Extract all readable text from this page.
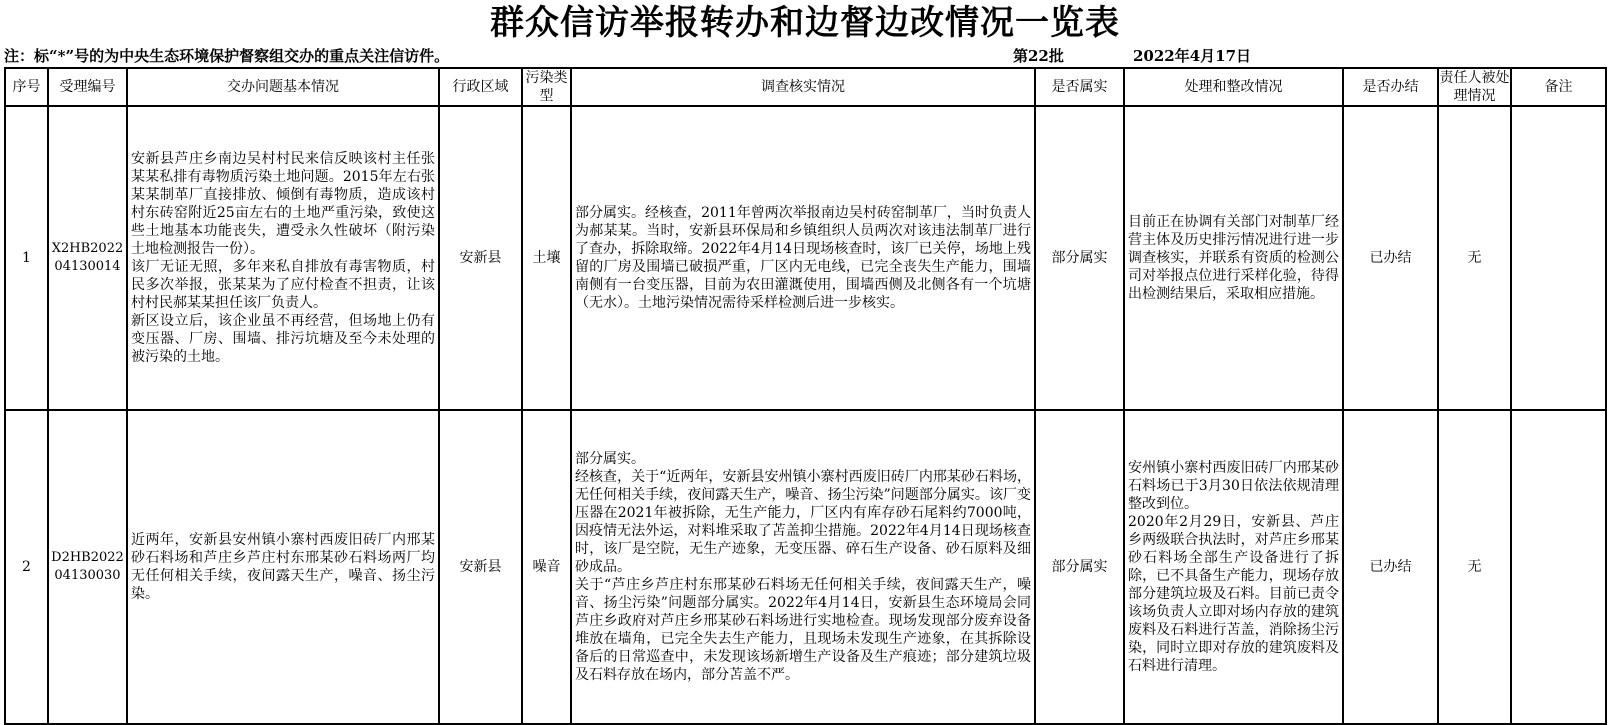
群众信访举报转办和边督边改情况一览表
注：标“*”号的为中央生态环境保护督察组交办的重点关注信访件。	第22批	2022年4月17日
序号	受理编号	交办问题基本情况	行政区域	污染类型	调查核实情况	是否属实	处理和整改情况	是否办结	责任人被处理情况	备注
1	X2HB202204130014	安新县芦庄乡南边吴村村民来信反映该村主任张某某私排有毒物质污染土地问题。2015年左右张某某制革厂直接排放、倾倒有毒物质，造成该村村东砖窑附近25亩左右的土地严重污染，致使这些土地基本功能丧失，遭受永久性破坏（附污染土地检测报告一份）。
该厂无证无照，多年来私自排放有毒害物质，村民多次举报，张某某为了应付检查不担责，让该村村民郝某某担任该厂负责人。
新区设立后，该企业虽不再经营，但场地上仍有变压器、厂房、围墙、排污坑塘及至今未处理的被污染的土地。	安新县	土壤	部分属实。经核查，2011年曾两次举报南边吴村砖窑制革厂，当时负责人为郝某某。当时，安新县环保局和乡镇组织人员两次对该违法制革厂进行了查办，拆除取缔。2022年4月14日现场核查时，该厂已关停，场地上残留的厂房及围墙已破损严重，厂区内无电线，已完全丧失生产能力，围墙南侧有一台变压器，目前为农田灌溉使用，围墙西侧及北侧各有一个坑塘（无水）。土地污染情况需待采样检测后进一步核实。	部分属实	目前正在协调有关部门对制革厂经营主体及历史排污情况进行进一步调查核实，并联系有资质的检测公司对举报点位进行采样化验，待得出检测结果后，采取相应措施。	已办结	无	
2	D2HB202204130030	近两年，安新县安州镇小寨村西废旧砖厂内邢某砂石料场和芦庄乡芦庄村东邢某砂石料场两厂均无任何相关手续，夜间露天生产，噪音、扬尘污染。	安新县	噪音	部分属实。
经核查，关于“近两年，安新县安州镇小寨村西废旧砖厂内邢某砂石料场，无任何相关手续，夜间露天生产，噪音、扬尘污染”问题部分属实。该厂变压器在2021年被拆除，无生产能力，厂区内有库存砂石尾料约7000吨，因疫情无法外运，对料堆采取了苫盖抑尘措施。2022年4月14日现场核查时，该厂是空院，无生产迹象，无变压器、碎石生产设备、砂石原料及细砂成品。
关于“芦庄乡芦庄村东邢某砂石料场无任何相关手续，夜间露天生产，噪音、扬尘污染”问题部分属实。2022年4月14日，安新县生态环境局会同芦庄乡政府对芦庄乡邢某砂石料场进行实地检查。现场发现部分废弃设备堆放在墙角，已完全失去生产能力，且现场未发现生产迹象，在其拆除设备后的日常巡查中，未发现该场新增生产设备及生产痕迹；部分建筑垃圾及石料存放在场内，部分苫盖不严。	部分属实	安州镇小寨村西废旧砖厂内邢某砂石料场已于3月30日依法依规清理整改到位。
2020年2月29日，安新县、芦庄乡两级联合执法时，对芦庄乡邢某砂石料场全部生产设备进行了拆除，已不具备生产能力，现场存放部分建筑垃圾及石料。目前已责令该场负责人立即对场内存放的建筑废料及石料进行苫盖，消除扬尘污染，同时立即对存放的建筑废料及石料进行清理。	已办结	无	
